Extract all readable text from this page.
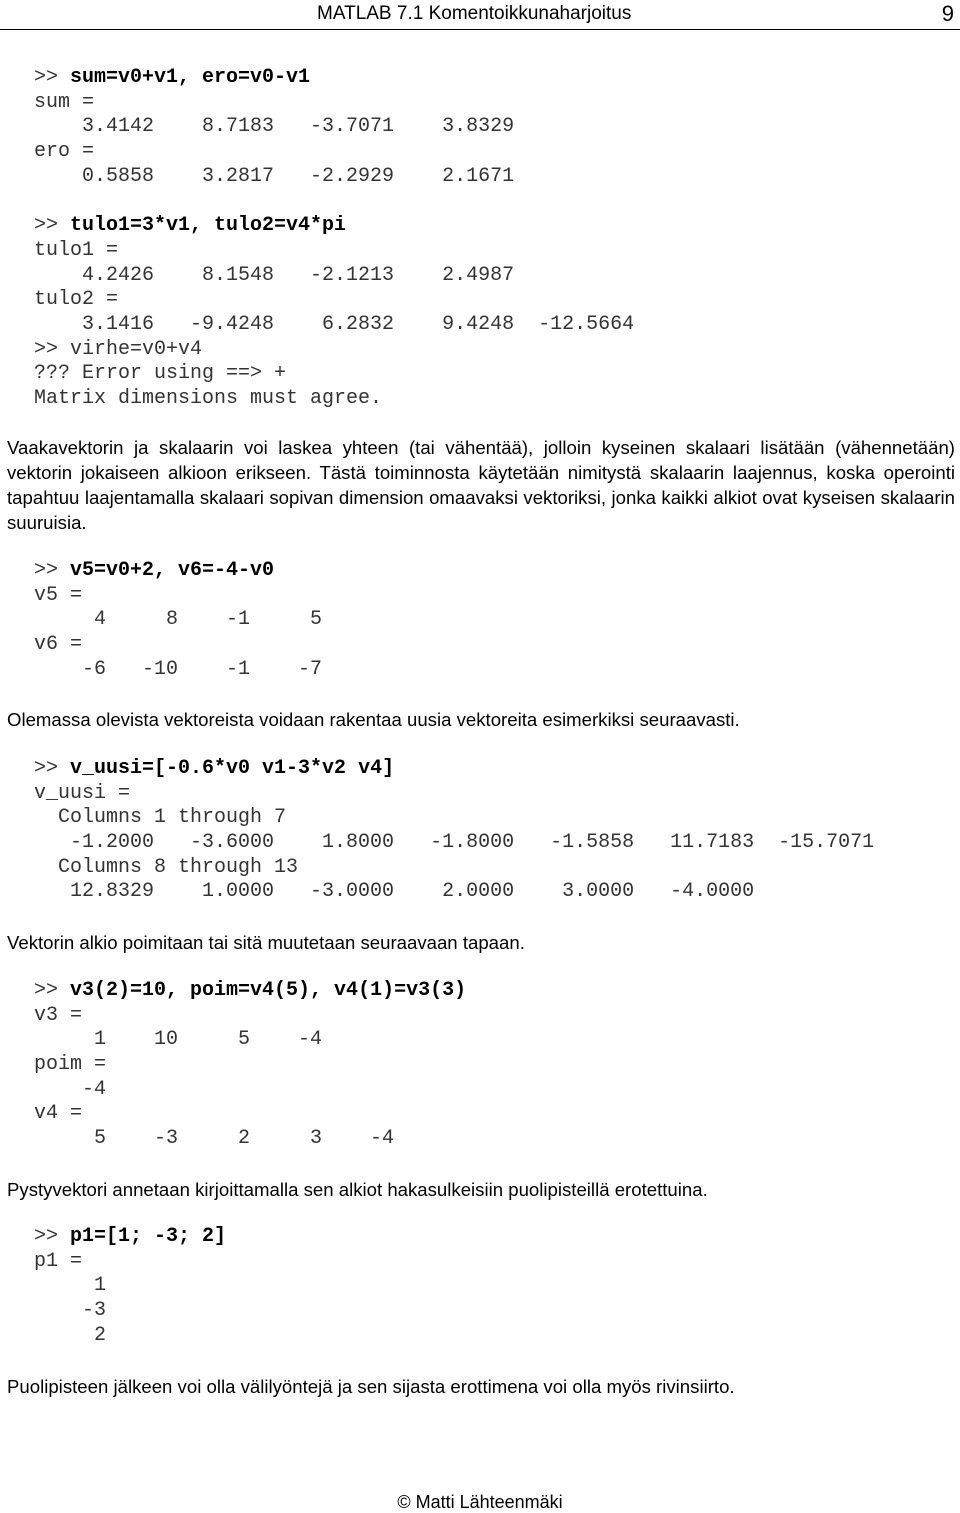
MATLAB 7.1 Komentoikkunaharjoitus	9
>> sum=v0+v1, ero=v0-v1
sum =
3.4142    8.7183   -3.7071    3.8329
ero =
0.5858    3.2817   -2.2929    2.1671
>> tulo1=3*v1, tulo2=v4*pi
tulo1 =
4.2426    8.1548   -2.1213    2.4987
tulo2 =
3.1416   -9.4248    6.2832    9.4248  -12.5664
>> virhe=v0+v4
??? Error using ==> +
Matrix dimensions must agree.

Vaakavektorin ja skalaarin voi laskea yhteen (tai vähentää), jolloin kyseinen skalaari lisätään (vähennetään) vektorin jokaiseen alkioon erikseen. Tästä toiminnosta käytetään nimitystä skalaarin laajennus, koska operointi tapahtuu laajentamalla skalaari sopivan dimension omaavaksi vektoriksi, jonka kaikki alkiot ovat kyseisen skalaarin suuruisia.

>> v5=v0+2, v6=-4-v0
v5 =
4     8    -1     5
v6 =
-6   -10    -1    -7

Olemassa olevista vektoreista voidaan rakentaa uusia vektoreita esimerkiksi seuraavasti.

>> v_uusi=[-0.6*v0 v1-3*v2 v4]
v_uusi =
Columns 1 through 7
-1.2000   -3.6000    1.8000   -1.8000   -1.5858   11.7183  -15.7071
Columns 8 through 13
12.8329    1.0000   -3.0000    2.0000    3.0000   -4.0000

Vektorin alkio poimitaan tai sitä muutetaan seuraavaan tapaan.

>> v3(2)=10, poim=v4(5), v4(1)=v3(3)
v3 =
1    10     5    -4
poim =
-4
v4 =
5    -3     2     3    -4

Pystyvektori annetaan kirjoittamalla sen alkiot hakasulkeisiin puolipisteillä erotettuina.

>> p1=[1; -3; 2]
p1 =
1
-3
2

Puolipisteen jälkeen voi olla välilyöntejä ja sen sijasta erottimena voi olla myös rivinsiirto.

© Matti Lähteenmäki
